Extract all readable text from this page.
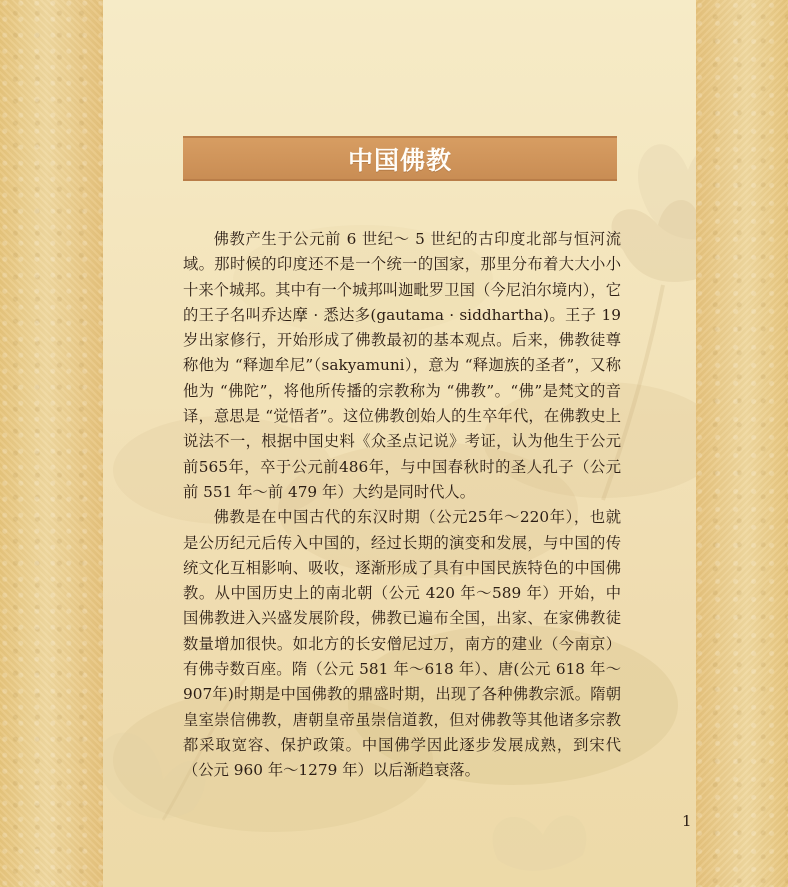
中国佛教

佛教产生于公元前 6 世纪～ 5 世纪的古印度北部与恒河流域。那时候的印度还不是一个统一的国家，那里分布着大大小小十来个城邦。其中有一个城邦叫迦毗罗卫国（今尼泊尔境内），它的王子名叫乔达摩 · 悉达多(gautama · siddhartha)。王子 19 岁出家修行，开始形成了佛教最初的基本观点。后来，佛教徒尊称他为 “释迦牟尼”（sakyamuni），意为 “释迦族的圣者”，又称他为 “佛陀”，将他所传播的宗教称为 “佛教”。“佛”是梵文的音译，意思是 “觉悟者”。这位佛教创始人的生卒年代，在佛教史上说法不一，根据中国史料《众圣点记说》考证，认为他生于公元前565年，卒于公元前486年，与中国春秋时的圣人孔子（公元前 551 年～前 479 年）大约是同时代人。

佛教是在中国古代的东汉时期（公元25年～220年），也就是公历纪元后传入中国的，经过长期的演变和发展，与中国的传统文化互相影响、吸收，逐渐形成了具有中国民族特色的中国佛教。从中国历史上的南北朝（公元 420 年～589 年）开始，中国佛教进入兴盛发展阶段，佛教已遍布全国，出家、在家佛教徒数量增加很快。如北方的长安僧尼过万，南方的建业（今南京）有佛寺数百座。隋（公元 581 年～618 年）、唐(公元 618 年～907年)时期是中国佛教的鼎盛时期，出现了各种佛教宗派。隋朝皇室崇信佛教，唐朝皇帝虽崇信道教，但对佛教等其他诸多宗教都采取宽容、保护政策。中国佛学因此逐步发展成熟，到宋代（公元 960 年～1279 年）以后渐趋衰落。

1
